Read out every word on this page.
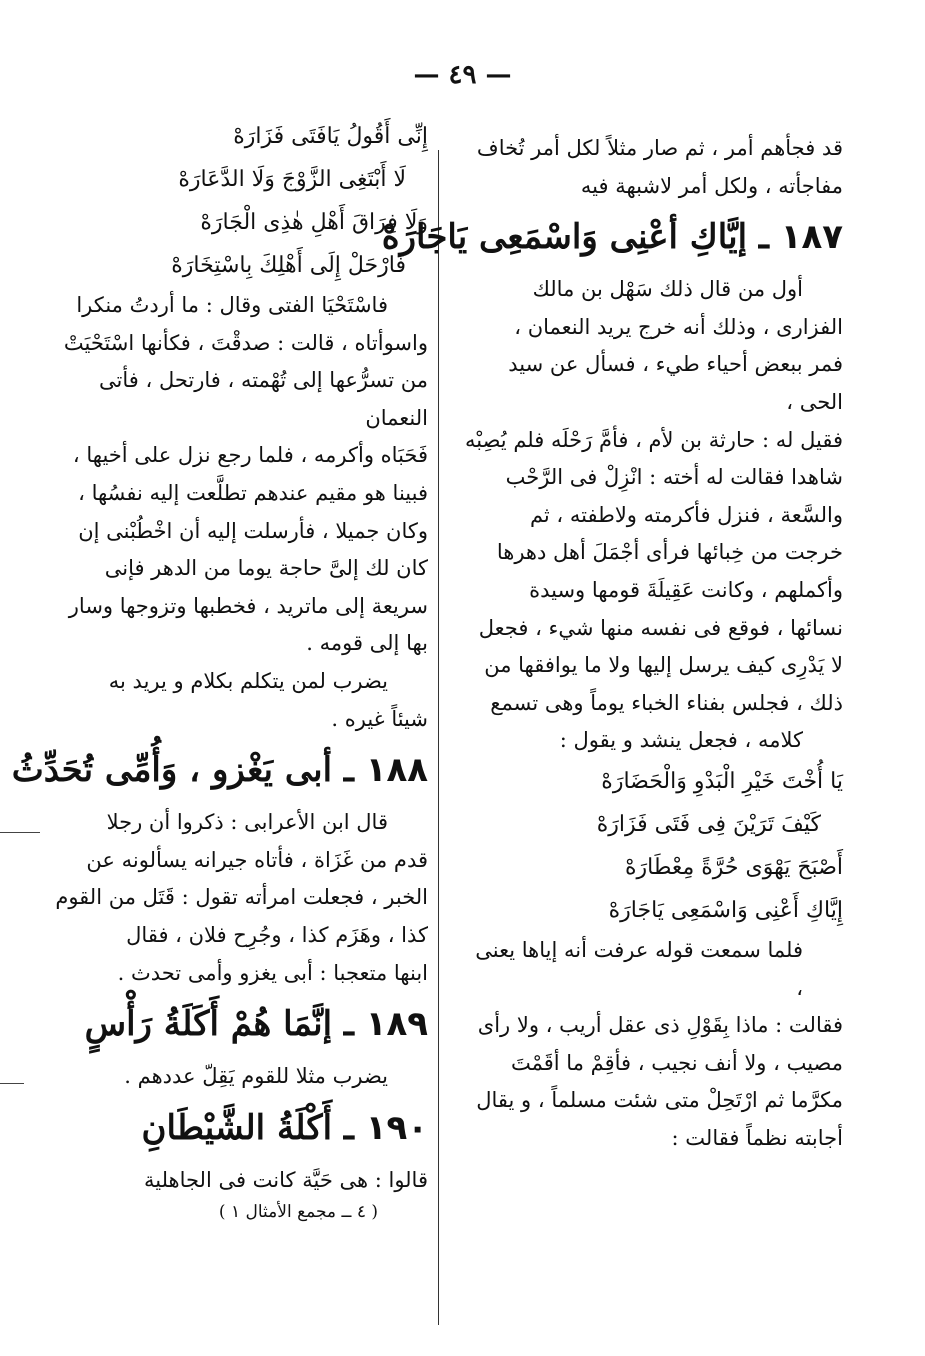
— ٤٩ —

قد فجأهم أمر ، ثم صار مثلاً لكل أمر تُخاف

مفاجأته ، ولكل أمر لاشبهة فيه

١٨٧ ـ إيَّاكِ أعْنِى وَاسْمَعِى يَاجَارَهْ

أول من قال ذلك سَهْل بن مالك

الفزارى ، وذلك أنه خرج يريد النعمان ،

فمر ببعض أحياء طيء ، فسأل عن سيد الحى ،

فقيل له : حارثة بن لأم ، فأمَّ رَحْلَه فلم يُصِبْه

شاهدا فقالت له أخته : انْزِلْ فى الرَّحْب

والسَّعة ، فنزل فأكرمته ولاطفته ، ثم

خرجت من خِبائها فرأى أجْمَلَ أهل دهرها

وأكملهم ، وكانت عَقِيلَةَ قومها وسيدة

نسائها ، فوقع فى نفسه منها شيء ، فجعل

لا يَدْرِى كيف يرسل إليها ولا ما يوافقها من

ذلك ، فجلس بفناء الخباء يوماً وهى تسمع

كلامه ، فجعل ينشد و يقول :

يَا أُخْتَ خَيْرِ الْبَدْوِ وَالْحَضَارَهْ

كَيْفَ تَرَيْنَ فِى فَتَى فَزَارَهْ

أَصْبَحَ يَهْوَى حُرَّةً مِعْطَارَهْ

إِيَّاكِ أَعْنِى وَاسْمَعِى يَاجَارَهْ

فلما سمعت قوله عرفت أنه إياها يعنى ،

فقالت : ماذا بِقَوْلِ ذى عقل أريب ، ولا رأى

مصيب ، ولا أنف نجيب ، فأقِمْ ما أقَمْتَ

مكرَّما ثم ارْتَحِلْ متى شئت مسلماً ، و يقال

أجابته نظماً فقالت :

إِنِّى أَقُولُ يَافَتَى فَزَارَهْ

لَا أَبْتَغِى الزَّوْجَ وَلَا الدَّعَارَهْ

وَلَا فِرَاقَ أَهْلِ هٰذِى الْجَارَهْ

فَارْحَلْ إِلَى أَهْلِكَ بِاسْتِخَارَهْ

فاسْتَحْيَا الفتى وقال : ما أردتُ منكرا

واسوأتاه ، قالت : صدقْتَ ، فكأنها اسْتَحْيَتْ

من تسرُّعها إلى تُهْمته ، فارتحل ، فأتى النعمان

فَحَبَاه وأكرمه ، فلما رجع نزل على أخيها ،

فبينا هو مقيم عندهم تطلَّعت إليه نفسُها ،

وكان جميلا ، فأرسلت إليه أن اخْطُبْنى إن

كان لك إلىَّ حاجة يوما من الدهر فإنى

سريعة إلى ماتريد ، فخطبها وتزوجها وسار

بها إلى قومه .

يضرب لمن يتكلم بكلام و يريد به

شيئاً غيره .

١٨٨ ـ أبى يَغْزو ، وَأُمِّى تُحَدِّثُ

قال ابن الأعرابى : ذكروا أن رجلا

قدم من غَزَاة ، فأتاه جيرانه يسألونه عن

الخبر ، فجعلت امرأته تقول : قَتَل من القوم

كذا ، وهَزَم كذا ، وجُرِح فلان ، فقال

ابنها متعجبا : أبى يغزو وأمى تحدث .

١٨٩ ـ إنَّمَا هُمْ أَكَلَةُ رَأْسٍ

يضرب مثلا للقوم يَقِلّ عددهم .

١٩٠ ـ أَكْلَةُ الشَّيْطَانِ

قالوا : هى حَيَّة كانت فى الجاهلية

( ٤ ــ مجمع الأمثال ١ )
